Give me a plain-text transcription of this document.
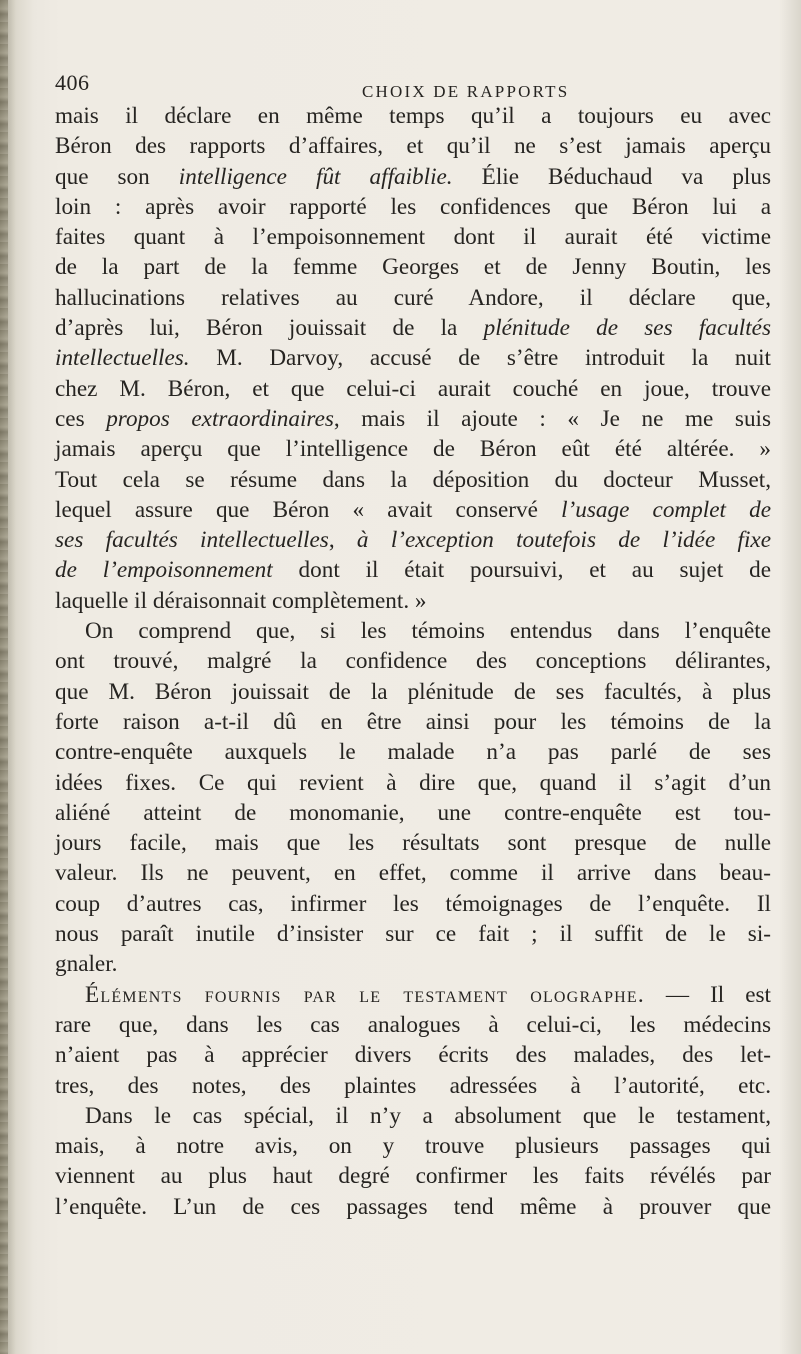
406	CHOIX DE RAPPORTS
mais il déclare en même temps qu’il a toujours eu avec
Béron des rapports d’affaires, et qu’il ne s’est jamais aperçu
que son intelligence fût affaiblie. Élie Béduchaud va plus
loin : après avoir rapporté les confidences que Béron lui a
faites quant à l’empoisonnement dont il aurait été victime
de la part de la femme Georges et de Jenny Boutin, les
hallucinations relatives au curé Andore, il déclare que,
d’après lui, Béron jouissait de la plénitude de ses facultés
intellectuelles. M. Darvoy, accusé de s’être introduit la nuit
chez M. Béron, et que celui-ci aurait couché en joue, trouve
ces propos extraordinaires, mais il ajoute : « Je ne me suis
jamais aperçu que l’intelligence de Béron eût été altérée. »
Tout cela se résume dans la déposition du docteur Musset,
lequel assure que Béron « avait conservé l’usage complet de
ses facultés intellectuelles, à l’exception toutefois de l’idée fixe
de l’empoisonnement dont il était poursuivi, et au sujet de
laquelle il déraisonnait complètement. »
On comprend que, si les témoins entendus dans l’enquête
ont trouvé, malgré la confidence des conceptions délirantes,
que M. Béron jouissait de la plénitude de ses facultés, à plus
forte raison a-t-il dû en être ainsi pour les témoins de la
contre-enquête auxquels le malade n’a pas parlé de ses
idées fixes. Ce qui revient à dire que, quand il s’agit d’un
aliéné atteint de monomanie, une contre-enquête est tou-
jours facile, mais que les résultats sont presque de nulle
valeur. Ils ne peuvent, en effet, comme il arrive dans beau-
coup d’autres cas, infirmer les témoignages de l’enquête. Il
nous paraît inutile d’insister sur ce fait ; il suffit de le si-
gnaler.
Éléments fournis par le testament olographe. — Il est
rare que, dans les cas analogues à celui-ci, les médecins
n’aient pas à apprécier divers écrits des malades, des let-
tres, des notes, des plaintes adressées à l’autorité, etc.
Dans le cas spécial, il n’y a absolument que le testament,
mais, à notre avis, on y trouve plusieurs passages qui
viennent au plus haut degré confirmer les faits révélés par
l’enquête. L’un de ces passages tend même à prouver que
